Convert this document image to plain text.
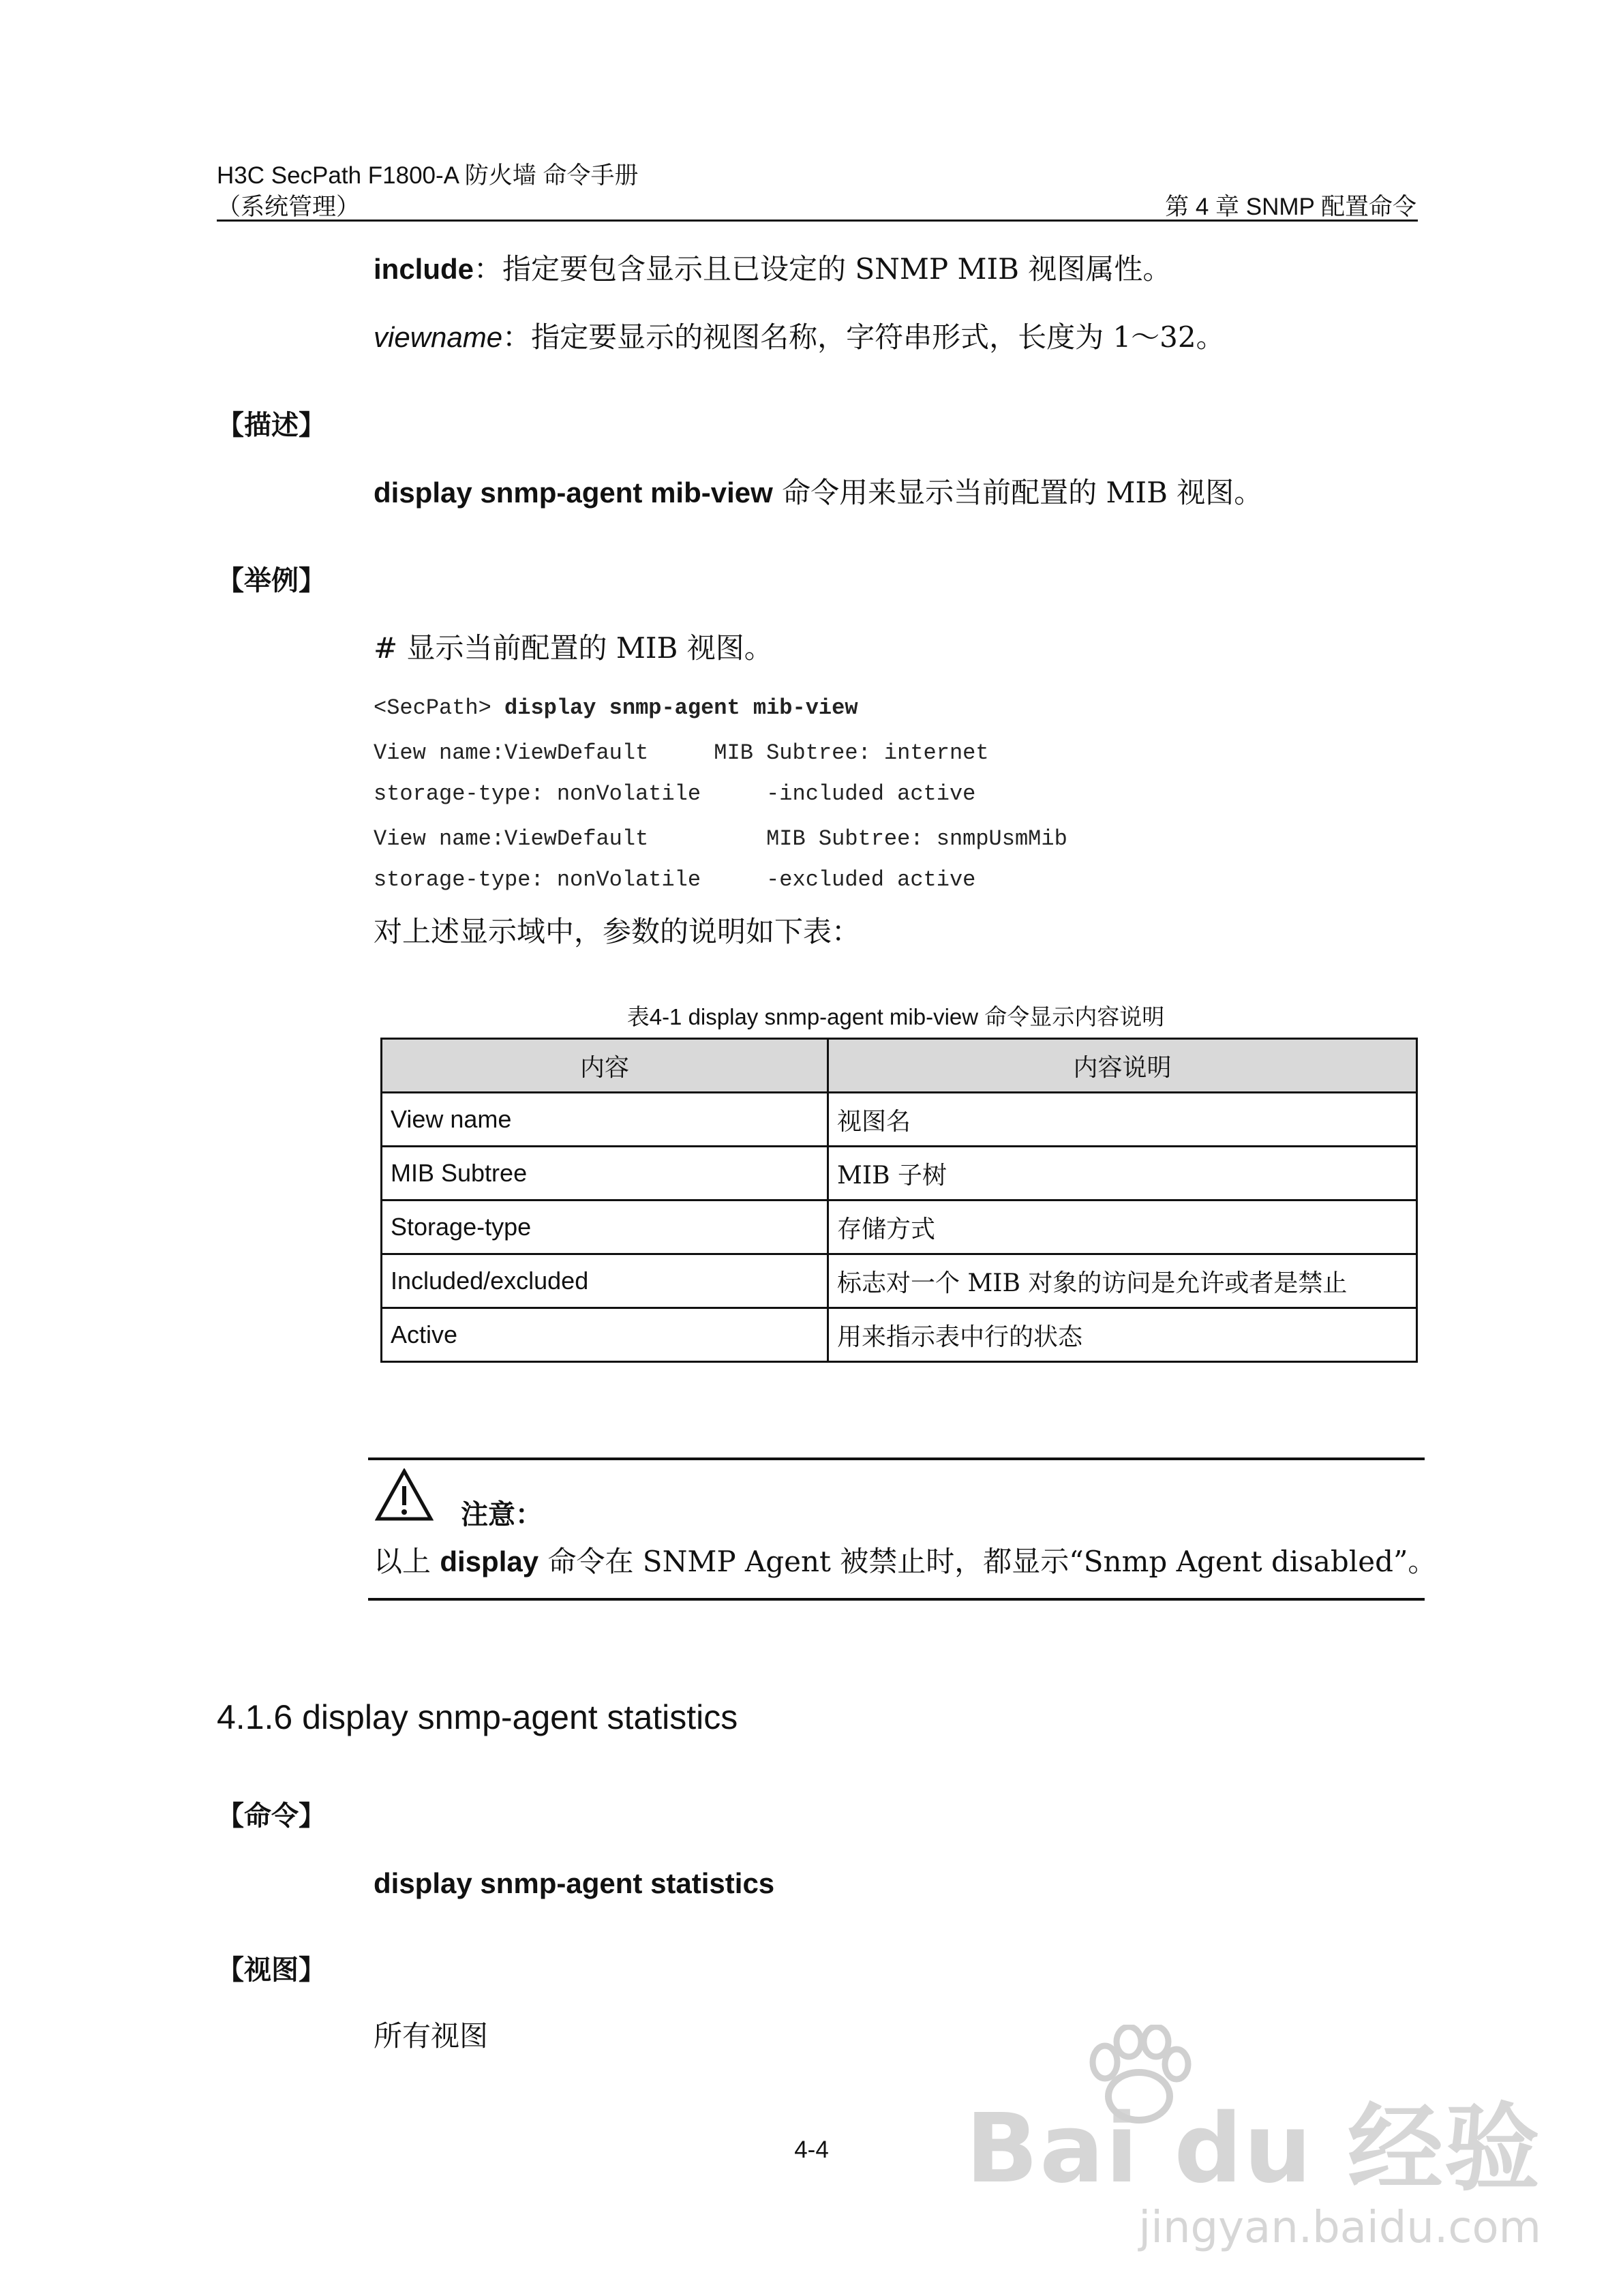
H3C SecPath F1800-A 防火墙 命令手册
（系统管理）	第 4 章 SNMP 配置命令
include：指定要包含显示且已设定的 SNMP MIB 视图属性。
viewname：指定要显示的视图名称，字符串形式，长度为 1～32。
【描述】
display snmp-agent mib-view 命令用来显示当前配置的 MIB 视图。
【举例】
# 显示当前配置的 MIB 视图。
<SecPath> display snmp-agent mib-view
View name:ViewDefault     MIB Subtree: internet
storage-type: nonVolatile     -included active
View name:ViewDefault         MIB Subtree: snmpUsmMib
storage-type: nonVolatile     -excluded active
对上述显示域中，参数的说明如下表：
表4-1 display snmp-agent mib-view 命令显示内容说明
内容	内容说明
View name	视图名
MIB Subtree	MIB 子树
Storage-type	存储方式
Included/excluded	标志对一个 MIB 对象的访问是允许或者是禁止
Active	用来指示表中行的状态
注意：
以上 display 命令在 SNMP Agent 被禁止时，都显示“Snmp Agent disabled”。
4.1.6 display snmp-agent statistics
【命令】
display snmp-agent statistics
【视图】
所有视图
4-4	Bai du 经验
jingyan.baidu.com
